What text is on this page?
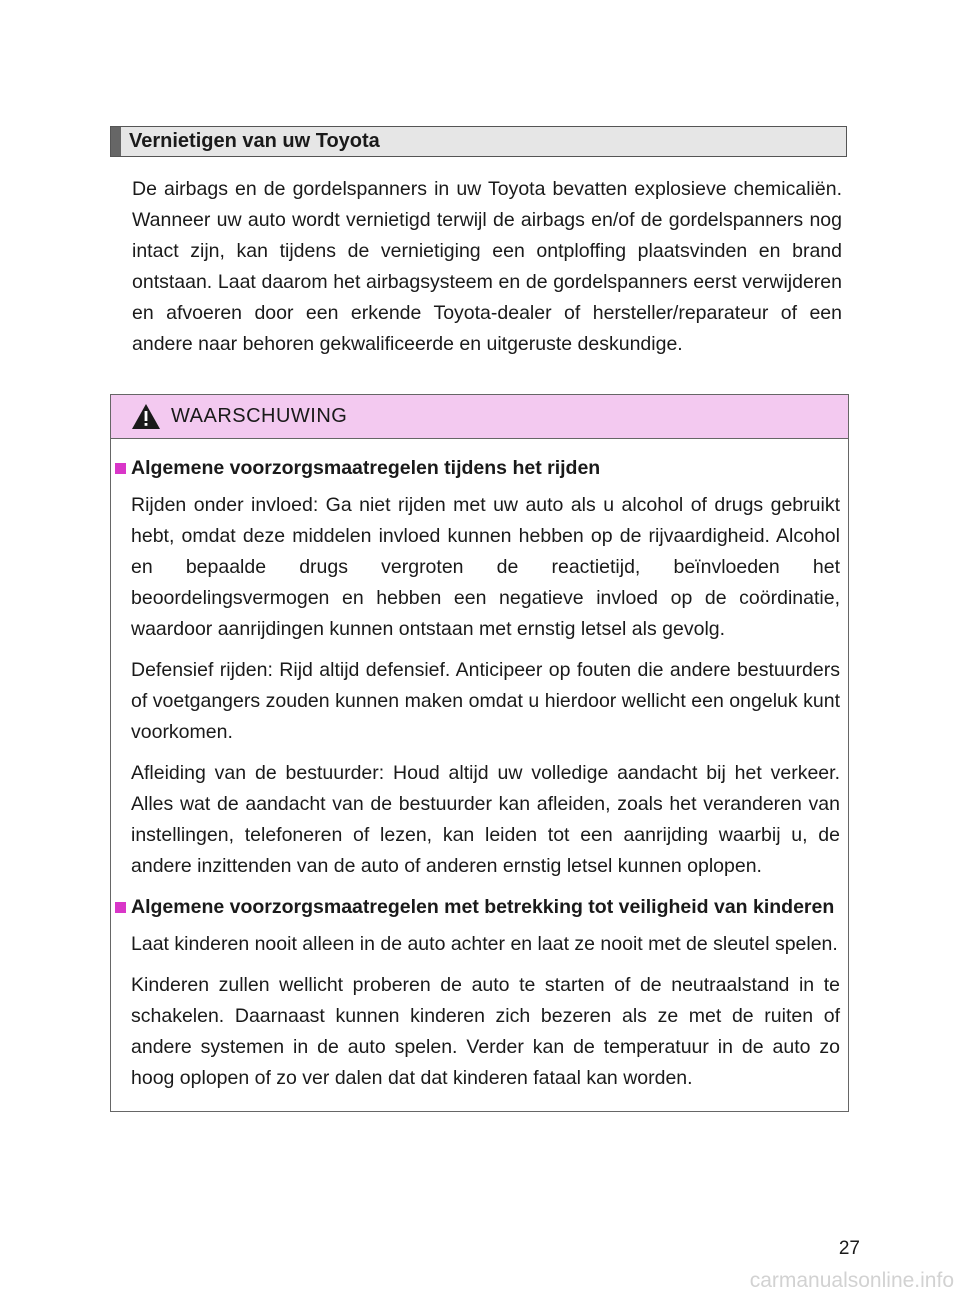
Vernietigen van uw Toyota

De airbags en de gordelspanners in uw Toyota bevatten explosieve chemicaliën. Wanneer uw auto wordt vernietigd terwijl de airbags en/of de gordelspanners nog intact zijn, kan tijdens de vernietiging een ontploffing plaatsvinden en brand ontstaan. Laat daarom het airbagsysteem en de gordelspanners eerst verwijderen en afvoeren door een erkende Toyota-dealer of hersteller/reparateur of een andere naar behoren gekwalificeerde en uitgeruste deskundige.

WAARSCHUWING
Algemene voorzorgsmaatregelen tijdens het rijden

Rijden onder invloed: Ga niet rijden met uw auto als u alcohol of drugs gebruikt hebt, omdat deze middelen invloed kunnen hebben op de rijvaardigheid. Alcohol en bepaalde drugs vergroten de reactietijd, beïnvloeden het beoordelingsvermogen en hebben een negatieve invloed op de coördinatie, waardoor aanrijdingen kunnen ontstaan met ernstig letsel als gevolg.

Defensief rijden: Rijd altijd defensief. Anticipeer op fouten die andere bestuurders of voetgangers zouden kunnen maken omdat u hierdoor wellicht een ongeluk kunt voorkomen.

Afleiding van de bestuurder: Houd altijd uw volledige aandacht bij het verkeer. Alles wat de aandacht van de bestuurder kan afleiden, zoals het veranderen van instellingen, telefoneren of lezen, kan leiden tot een aanrijding waarbij u, de andere inzittenden van de auto of anderen ernstig letsel kunnen oplopen.

Algemene voorzorgsmaatregelen met betrekking tot veiligheid van kinderen

Laat kinderen nooit alleen in de auto achter en laat ze nooit met de sleutel spelen.

Kinderen zullen wellicht proberen de auto te starten of de neutraalstand in te schakelen. Daarnaast kunnen kinderen zich bezeren als ze met de ruiten of andere systemen in de auto spelen. Verder kan de temperatuur in de auto zo hoog oplopen of zo ver dalen dat dat kinderen fataal kan worden.

27
carmanualsonline.info
